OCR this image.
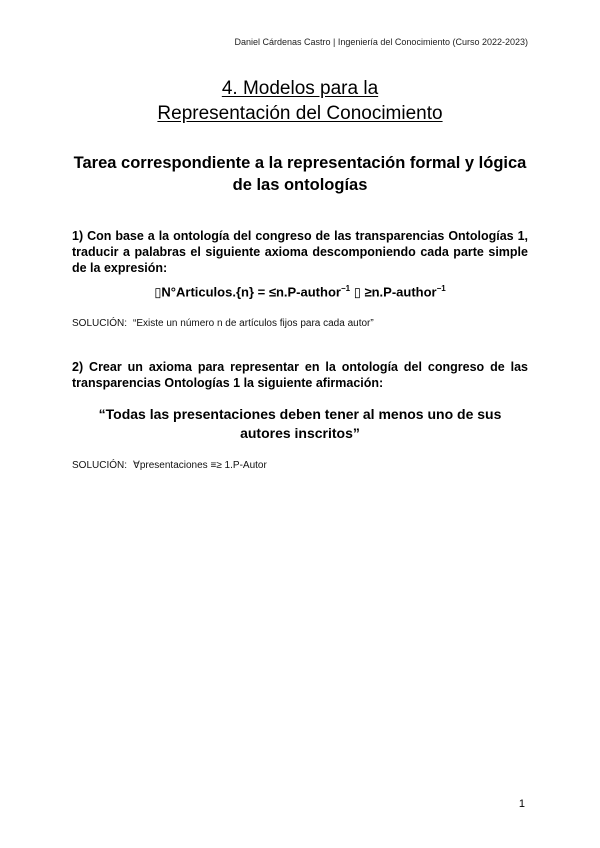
Daniel Cárdenas Castro | Ingeniería del Conocimiento (Curso 2022-2023)
4. Modelos para la
Representación del Conocimiento
Tarea correspondiente a la representación formal y lógica de las ontologías
1) Con base a la ontología del congreso de las transparencias Ontologías 1, traducir a palabras el siguiente axioma descomponiendo cada parte simple de la expresión:
▯N°Articulos.{n} = ≤n.P-author$^{-1}$ ▯ ≥n.P-author$^{-1}$
SOLUCIÓN: “Existe un número n de artículos fijos para cada autor”
2) Crear un axioma para representar en la ontología del congreso de las transparencias Ontologías 1 la siguiente afirmación:
“Todas las presentaciones deben tener al menos uno de sus autores inscritos”
SOLUCIÓN: ∀presentaciones ≡≥ 1.P-Autor
1
